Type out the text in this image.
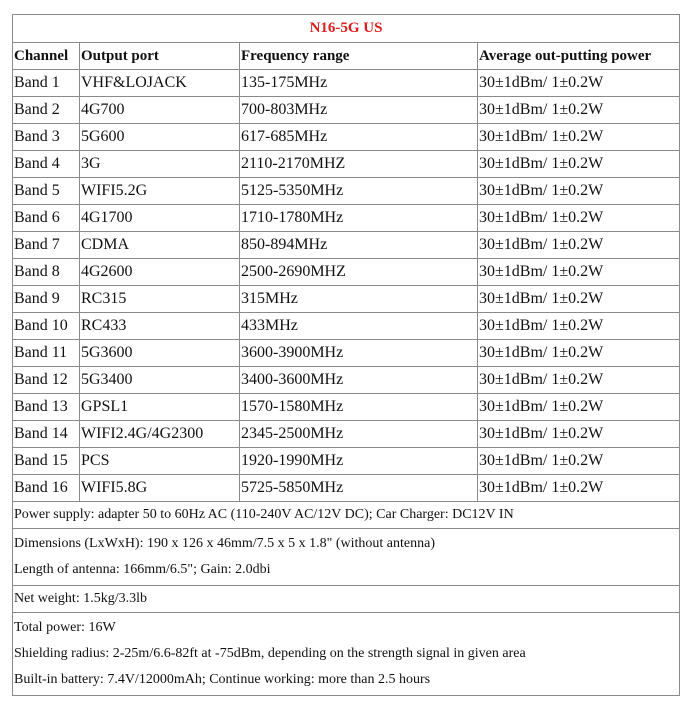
N16-5G US			
Channel	Output port	Frequency range	Average out-putting power
Band 1	VHF&LOJACK	135-175MHz	30±1dBm/ 1±0.2W
Band 2	4G700	700-803MHz	30±1dBm/ 1±0.2W
Band 3	5G600	617-685MHz	30±1dBm/ 1±0.2W
Band 4	3G	2110-2170MHZ	30±1dBm/ 1±0.2W
Band 5	WIFI5.2G	5125-5350MHz	30±1dBm/ 1±0.2W
Band 6	4G1700	1710-1780MHz	30±1dBm/ 1±0.2W
Band 7	CDMA	850-894MHz	30±1dBm/ 1±0.2W
Band 8	4G2600	2500-2690MHZ	30±1dBm/ 1±0.2W
Band 9	RC315	315MHz	30±1dBm/ 1±0.2W
Band 10	RC433	433MHz	30±1dBm/ 1±0.2W
Band 11	5G3600	3600-3900MHz	30±1dBm/ 1±0.2W
Band 12	5G3400	3400-3600MHz	30±1dBm/ 1±0.2W
Band 13	GPSL1	1570-1580MHz	30±1dBm/ 1±0.2W
Band 14	WIFI2.4G/4G2300	2345-2500MHz	30±1dBm/ 1±0.2W
Band 15	PCS	1920-1990MHz	30±1dBm/ 1±0.2W
Band 16	WIFI5.8G	5725-5850MHz	30±1dBm/ 1±0.2W
Power supply: adapter 50 to 60Hz AC (110-240V AC/12V DC); Car Charger: DC12V IN			

Dimensions (LxWxH): 190 x 126 x 46mm/7.5 x 5 x 1.8" (without antenna)
Length of antenna: 166mm/6.5"; Gain: 2.0dbi			

Net weight: 1.5kg/3.3lb			

Total power: 16W
Shielding radius: 2-25m/6.6-82ft at -75dBm, depending on the strength signal in given area
Built-in battery: 7.4V/12000mAh; Continue working: more than 2.5 hours			
